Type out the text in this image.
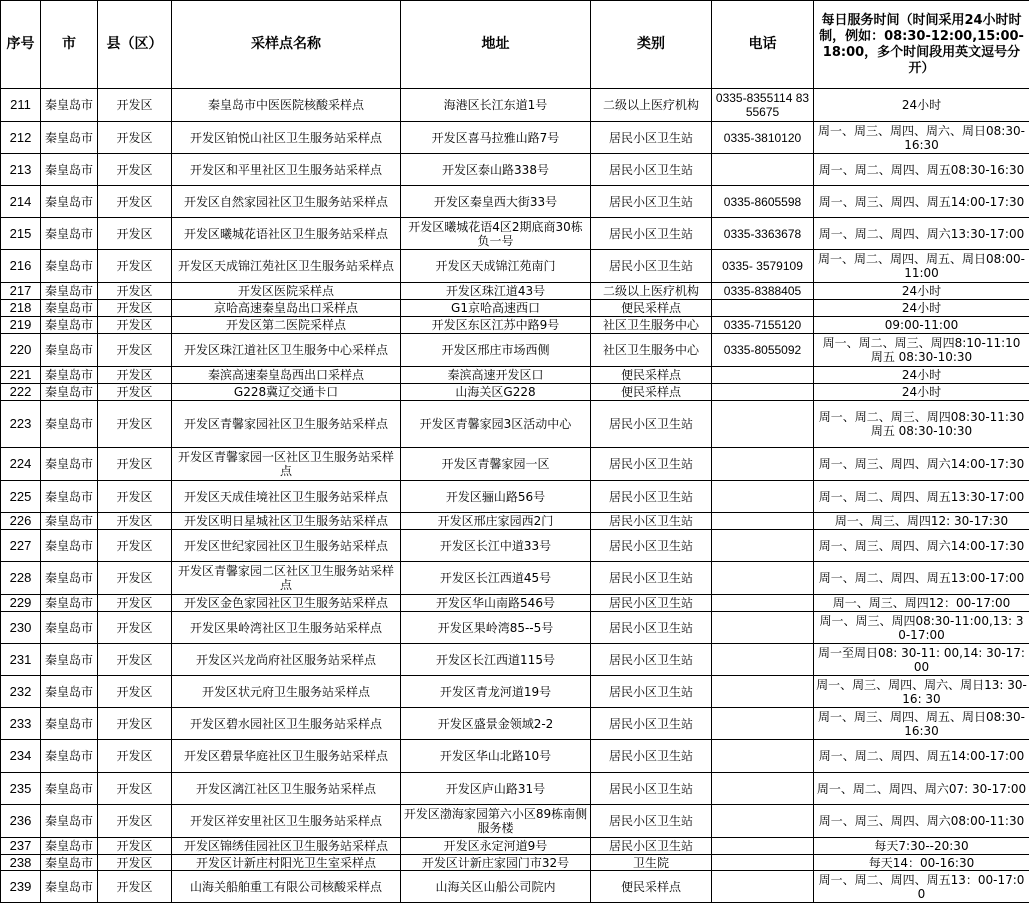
序号	市	县（区）	采样点名称	地址	类别	电话	每日服务时间（时间采用24小时时制，例如：08:30-12:00,15:00-18:00，多个时间段用英文逗号分开）
211	秦皇岛市	开发区	秦皇岛市中医医院核酸采样点	海港区长江东道1号	二级以上医疗机构	0335-8355114 8355675	24小时
212	秦皇岛市	开发区	开发区铂悦山社区卫生服务站采样点	开发区喜马拉雅山路7号	居民小区卫生站	0335-3810120	周一、周三、周四、周六、周日08:30-16:30
213	秦皇岛市	开发区	开发区和平里社区卫生服务站采样点	开发区泰山路338号	居民小区卫生站		周一、周二、周四、周五08:30-16:30
214	秦皇岛市	开发区	开发区自然家园社区卫生服务站采样点	开发区秦皇西大街33号	居民小区卫生站	0335-8605598	周一、周三、周四、周五14:00-17:30
215	秦皇岛市	开发区	开发区曦城花语社区卫生服务站采样点	开发区曦城花语4区2期底商30栋负一号	居民小区卫生站	0335-3363678	周一、周二、周四、周六13:30-17:00
216	秦皇岛市	开发区	开发区天成锦江苑社区卫生服务站采样点	开发区天成锦江苑南门	居民小区卫生站	0335- 3579109	周一、周二、周四、周五、周日08:00-11:00
217	秦皇岛市	开发区	开发区医院采样点	开发区珠江道43号	二级以上医疗机构	0335-8388405	24小时
218	秦皇岛市	开发区	京哈高速秦皇岛出口采样点	G1京哈高速西口	便民采样点		24小时
219	秦皇岛市	开发区	开发区第二医院采样点	开发区东区江苏中路9号	社区卫生服务中心	0335-7155120	09:00-11:00
220	秦皇岛市	开发区	开发区珠江道社区卫生服务中心采样点	开发区邢庄市场西侧	社区卫生服务中心	0335-8055092	周一、周二、周三、周四8:10-11:10 周五 08:30-10:30
221	秦皇岛市	开发区	秦滨高速秦皇岛西出口采样点	秦滨高速开发区口	便民采样点		24小时
222	秦皇岛市	开发区	G228冀辽交通卡口	山海关区G228	便民采样点		24小时
223	秦皇岛市	开发区	开发区青馨家园社区卫生服务站采样点	开发区青馨家园3区活动中心	居民小区卫生站		周一、周二、周三、周四08:30-11:30 周五 08:30-10:30
224	秦皇岛市	开发区	开发区青馨家园一区社区卫生服务站采样点	开发区青馨家园一区	居民小区卫生站		周一、周三、周四、周六14:00-17:30
225	秦皇岛市	开发区	开发区天成佳境社区卫生服务站采样点	开发区骊山路56号	居民小区卫生站		周一、周二、周四、周五13:30-17:00
226	秦皇岛市	开发区	开发区明日星城社区卫生服务站采样点	开发区邢庄家园西2门	居民小区卫生站		周一、周三、周四12: 30-17:30
227	秦皇岛市	开发区	开发区世纪家园社区卫生服务站采样点	开发区长江中道33号	居民小区卫生站		周一、周三、周四、周六14:00-17:30
228	秦皇岛市	开发区	开发区青馨家园二区社区卫生服务站采样点	开发区长江西道45号	居民小区卫生站		周一、周二、周四、周五13:00-17:00
229	秦皇岛市	开发区	开发区金色家园社区卫生服务站采样点	开发区华山南路546号	居民小区卫生站		周一、周三、周四12：00-17:00
230	秦皇岛市	开发区	开发区果岭湾社区卫生服务站采样点	开发区果岭湾85--5号	居民小区卫生站		周一、周三、周四08:30-11:00,13: 30-17:00
231	秦皇岛市	开发区	开发区兴龙尚府社区服务站采样点	开发区长江西道115号	居民小区卫生站		周一至周日08: 30-11: 00,14: 30-17: 00
232	秦皇岛市	开发区	开发区状元府卫生服务站采样点	开发区青龙河道19号	居民小区卫生站		周一、周三、周四、周六、周日13: 30-16: 30
233	秦皇岛市	开发区	开发区碧水园社区卫生服务站采样点	开发区盛景金领域2-2	居民小区卫生站		周一、周三、周四、周五、周日08:30-16:30
234	秦皇岛市	开发区	开发区碧景华庭社区卫生服务站采样点	开发区华山北路10号	居民小区卫生站		周一、周二、周四、周五14:00-17:00
235	秦皇岛市	开发区	开发区漓江社区卫生服务站采样点	开发区庐山路31号	居民小区卫生站		周一、周二、周四、周六07: 30-17:00
236	秦皇岛市	开发区	开发区祥安里社区卫生服务站采样点	开发区渤海家园第六小区89栋南侧服务楼	居民小区卫生站		周一、周三、周四、周六08:00-11:30
237	秦皇岛市	开发区	开发区锦绣佳园社区卫生服务站采样点	开发区永定河道9号	居民小区卫生站		每天7:30--20:30
238	秦皇岛市	开发区	开发区计新庄村阳光卫生室采样点	开发区计新庄家园门市32号	卫生院		每天14：00-16:30
239	秦皇岛市	开发区	山海关船舶重工有限公司核酸采样点	山海关区山船公司院内	便民采样点		周一、周二、周四、周五13：00-17:00
